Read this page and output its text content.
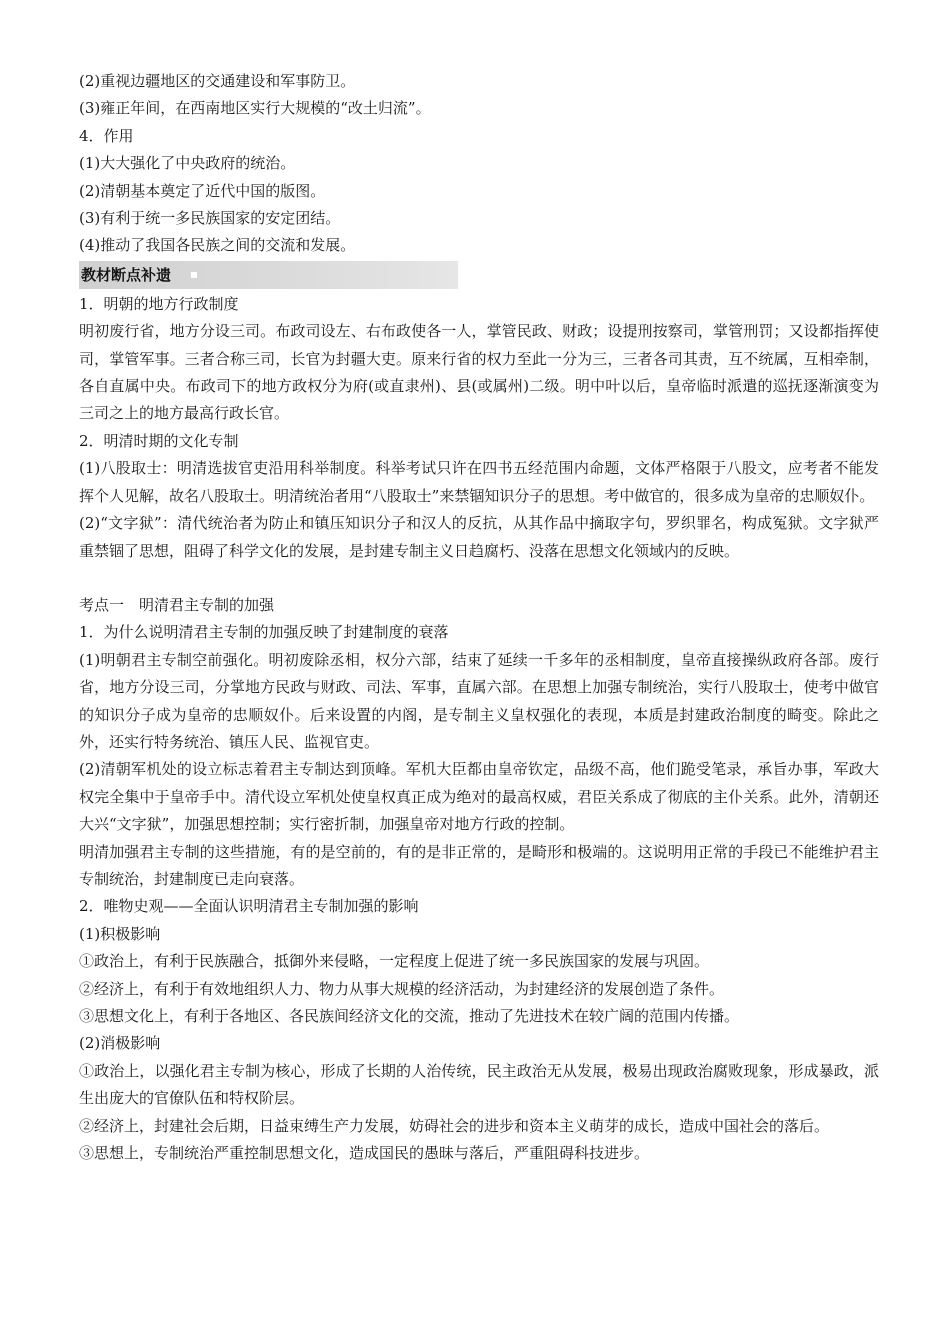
(2)重视边疆地区的交通建设和军事防卫。

(3)雍正年间，在西南地区实行大规模的“改土归流”。

4．作用

(1)大大强化了中央政府的统治。

(2)清朝基本奠定了近代中国的版图。

(3)有利于统一多民族国家的安定团结。

(4)推动了我国各民族之间的交流和发展。

教材断点补遗

1．明朝的地方行政制度

明初废行省，地方分设三司。布政司设左、右布政使各一人，掌管民政、财政；设提刑按察司，掌管刑罚；又设都指挥使司，掌管军事。三者合称三司，长官为封疆大吏。原来行省的权力至此一分为三，三者各司其责，互不统属，互相牵制，各自直属中央。布政司下的地方政权分为府(或直隶州)、县(或属州)二级。明中叶以后，皇帝临时派遣的巡抚逐渐演变为三司之上的地方最高行政长官。

2．明清时期的文化专制

(1)八股取士：明清选拔官吏沿用科举制度。科举考试只许在四书五经范围内命题，文体严格限于八股文，应考者不能发挥个人见解，故名八股取士。明清统治者用“八股取士”来禁锢知识分子的思想。考中做官的，很多成为皇帝的忠顺奴仆。

(2)“文字狱”：清代统治者为防止和镇压知识分子和汉人的反抗，从其作品中摘取字句，罗织罪名，构成冤狱。文字狱严重禁锢了思想，阻碍了科学文化的发展，是封建专制主义日趋腐朽、没落在思想文化领域内的反映。

考点一　明清君主专制的加强

1．为什么说明清君主专制的加强反映了封建制度的衰落

(1)明朝君主专制空前强化。明初废除丞相，权分六部，结束了延续一千多年的丞相制度，皇帝直接操纵政府各部。废行省，地方分设三司，分掌地方民政与财政、司法、军事，直属六部。在思想上加强专制统治，实行八股取士，使考中做官的知识分子成为皇帝的忠顺奴仆。后来设置的内阁，是专制主义皇权强化的表现，本质是封建政治制度的畸变。除此之外，还实行特务统治、镇压人民、监视官吏。

(2)清朝军机处的设立标志着君主专制达到顶峰。军机大臣都由皇帝钦定，品级不高，他们跪受笔录，承旨办事，军政大权完全集中于皇帝手中。清代设立军机处使皇权真正成为绝对的最高权威，君臣关系成了彻底的主仆关系。此外，清朝还大兴“文字狱”，加强思想控制；实行密折制，加强皇帝对地方行政的控制。

明清加强君主专制的这些措施，有的是空前的，有的是非正常的，是畸形和极端的。这说明用正常的手段已不能维护君主专制统治，封建制度已走向衰落。

2．唯物史观——全面认识明清君主专制加强的影响

(1)积极影响

①政治上，有利于民族融合，抵御外来侵略，一定程度上促进了统一多民族国家的发展与巩固。

②经济上，有利于有效地组织人力、物力从事大规模的经济活动，为封建经济的发展创造了条件。

③思想文化上，有利于各地区、各民族间经济文化的交流，推动了先进技术在较广阔的范围内传播。

(2)消极影响

①政治上，以强化君主专制为核心，形成了长期的人治传统，民主政治无从发展，极易出现政治腐败现象，形成暴政，派生出庞大的官僚队伍和特权阶层。

②经济上，封建社会后期，日益束缚生产力发展，妨碍社会的进步和资本主义萌芽的成长，造成中国社会的落后。

③思想上，专制统治严重控制思想文化，造成国民的愚昧与落后，严重阻碍科技进步。
